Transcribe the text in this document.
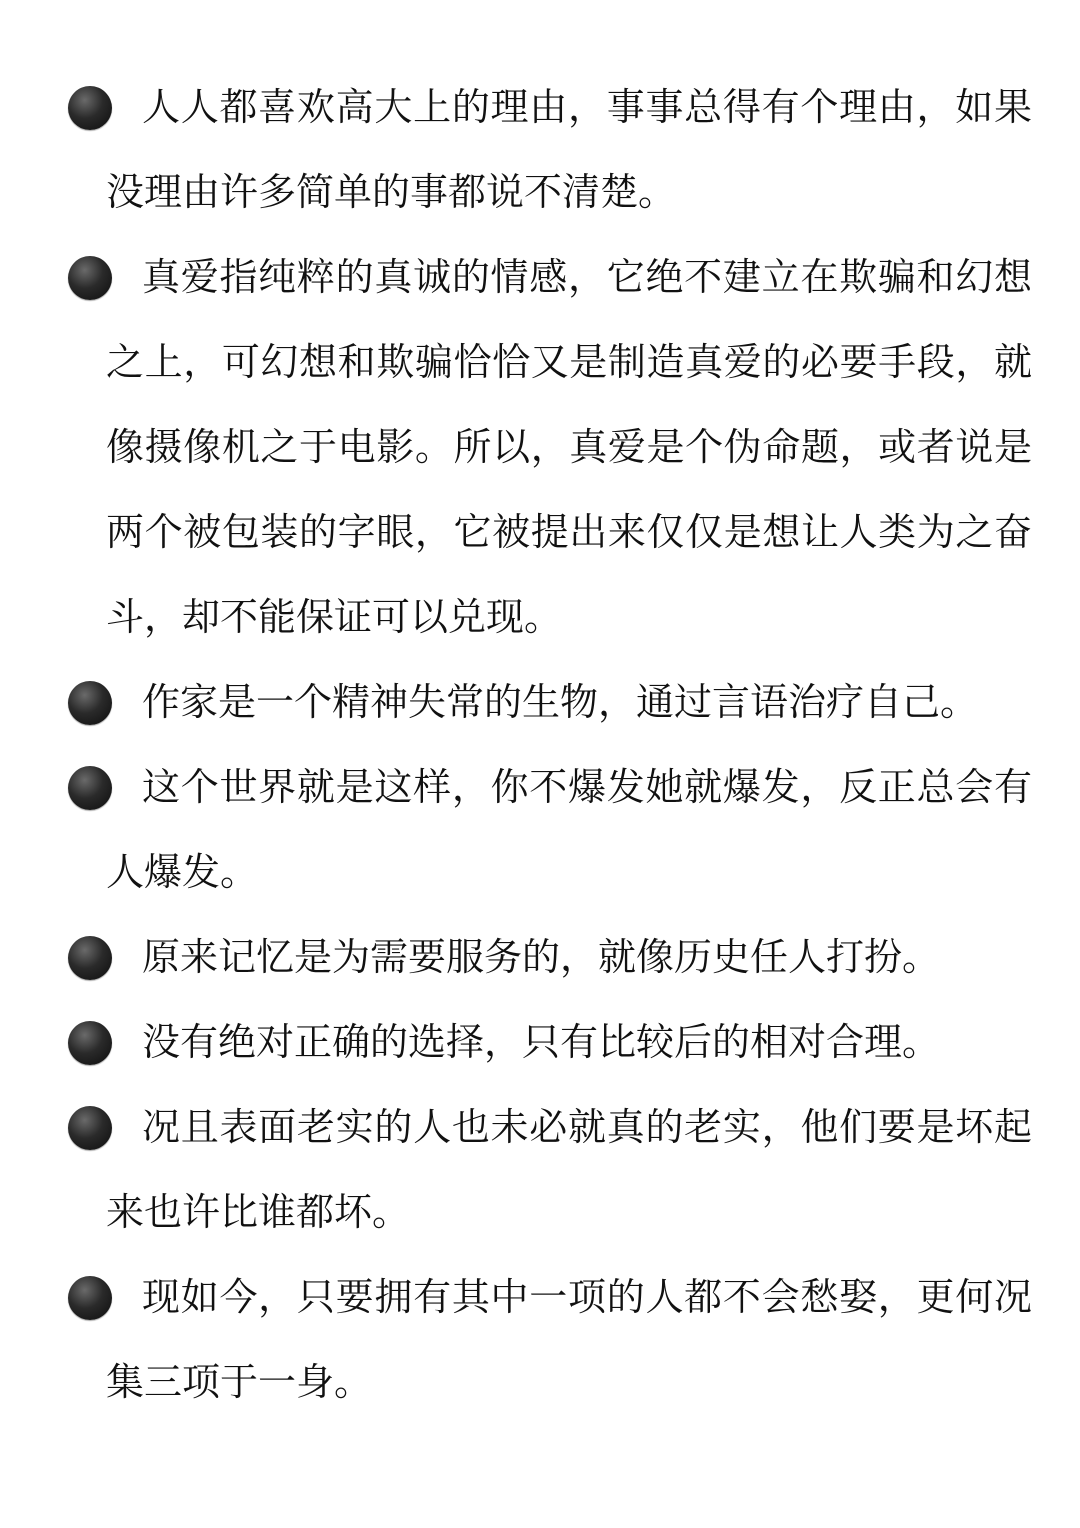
人人都喜欢高大上的理由，事事总得有个理由，如果没理由许多简单的事都说不清楚。
真爱指纯粹的真诚的情感，它绝不建立在欺骗和幻想之上，可幻想和欺骗恰恰又是制造真爱的必要手段，就像摄像机之于电影。所以，真爱是个伪命题，或者说是两个被包装的字眼，它被提出来仅仅是想让人类为之奋斗，却不能保证可以兑现。
作家是一个精神失常的生物，通过言语治疗自己。
这个世界就是这样，你不爆发她就爆发，反正总会有人爆发。
原来记忆是为需要服务的，就像历史任人打扮。
没有绝对正确的选择，只有比较后的相对合理。
况且表面老实的人也未必就真的老实，他们要是坏起来也许比谁都坏。
现如今，只要拥有其中一项的人都不会愁娶，更何况集三项于一身。
